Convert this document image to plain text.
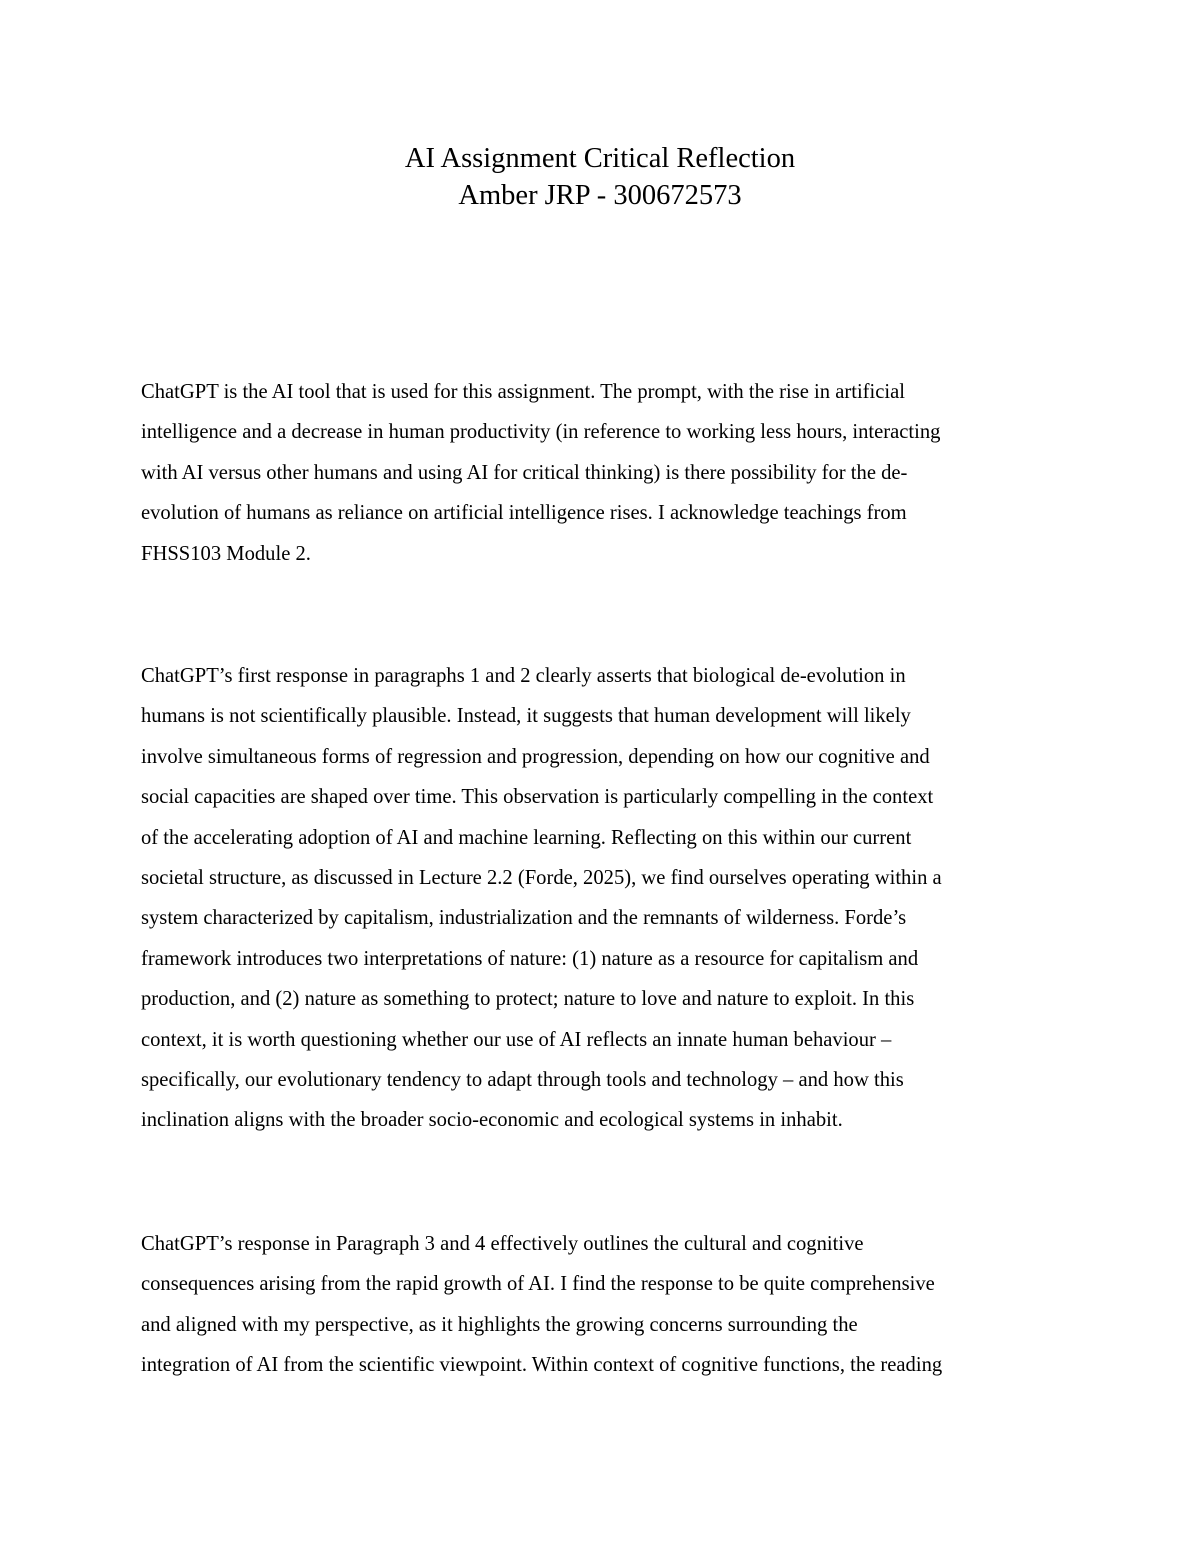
AI Assignment Critical Reflection
Amber JRP - 300672573
ChatGPT is the AI tool that is used for this assignment. The prompt, with the rise in artificial
intelligence and a decrease in human productivity (in reference to working less hours, interacting
with AI versus other humans and using AI for critical thinking) is there possibility for the de-
evolution of humans as reliance on artificial intelligence rises. I acknowledge teachings from
FHSS103 Module 2.
ChatGPT’s first response in paragraphs 1 and 2 clearly asserts that biological de-evolution in
humans is not scientifically plausible. Instead, it suggests that human development will likely
involve simultaneous forms of regression and progression, depending on how our cognitive and
social capacities are shaped over time. This observation is particularly compelling in the context
of the accelerating adoption of AI and machine learning. Reflecting on this within our current
societal structure, as discussed in Lecture 2.2 (Forde, 2025), we find ourselves operating within a
system characterized by capitalism, industrialization and the remnants of wilderness. Forde’s
framework introduces two interpretations of nature: (1) nature as a resource for capitalism and
production, and (2) nature as something to protect; nature to love and nature to exploit. In this
context, it is worth questioning whether our use of AI reflects an innate human behaviour –
specifically, our evolutionary tendency to adapt through tools and technology – and how this
inclination aligns with the broader socio-economic and ecological systems in inhabit.
ChatGPT’s response in Paragraph 3 and 4 effectively outlines the cultural and cognitive
consequences arising from the rapid growth of AI. I find the response to be quite comprehensive
and aligned with my perspective, as it highlights the growing concerns surrounding the
integration of AI from the scientific viewpoint. Within context of cognitive functions, the reading
